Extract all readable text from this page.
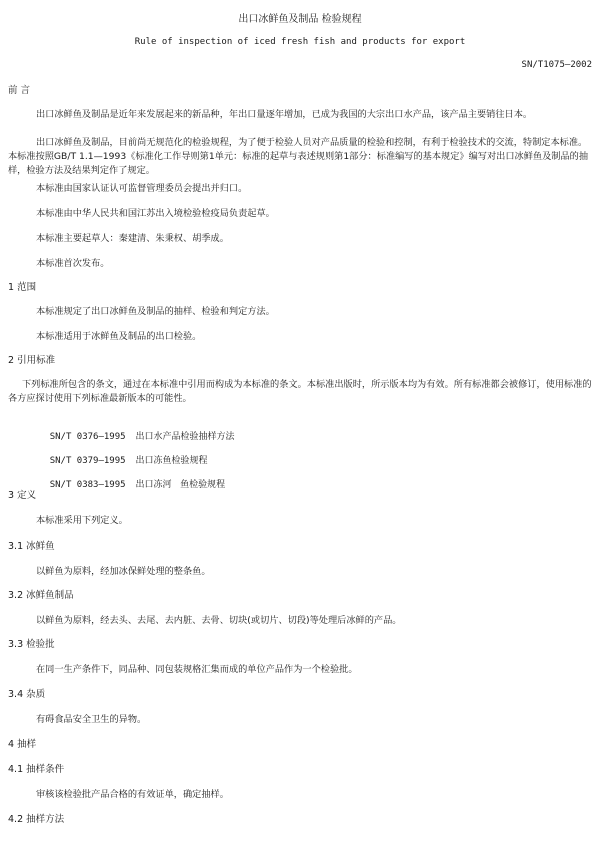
出口冰鲜鱼及制品 检验规程
Rule of inspection of iced fresh fish and products for export
SN/T1075—2002
前 言
出口冰鲜鱼及制品是近年来发展起来的新品种，年出口量逐年增加，已成为我国的大宗出口水产品，该产品主要销往日本。
出口冰鲜鱼及制品，目前尚无规范化的检验规程，为了便于检验人员对产品质量的检验和控制，有利于检验技术的交流，特制定本标准。本标准按照GB/T 1.1—1993《标准化工作导则第1单元：标准的起草与表述规则第1部分：标准编写的基本规定》编写对出口冰鲜鱼及制品的抽样，检验方法及结果判定作了规定。
本标准由国家认证认可监督管理委员会提出并归口。
本标准由中华人民共和国江苏出入境检验检疫局负责起草。
本标准主要起草人：秦建清、朱秉权、胡季成。
本标准首次发布。
1 范围
本标准规定了出口冰鲜鱼及制品的抽样、检验和判定方法。
本标准适用于冰鲜鱼及制品的出口检验。
2 引用标准
下列标准所包含的条文，通过在本标准中引用而构成为本标准的条文。本标准出版时，所示版本均为有效。所有标准都会被修订，使用标准的各方应探讨使用下列标准最新版本的可能性。

SN/T 0376—1995 出口水产品检验抽样方法

SN/T 0379—1995 出口冻鱼检验规程

SN/T 0383—1995 出口冻河   鱼检验规程

3 定义
本标准采用下列定义。
3.1 冰鲜鱼
以鲜鱼为原料，经加冰保鲜处理的整条鱼。
3.2 冰鲜鱼制品
以鲜鱼为原料，经去头、去尾、去内脏、去骨、切块(或切片、切段)等处理后冰鲜的产品。
3.3 检验批
在同一生产条件下，同品种、同包装规格汇集而成的单位产品作为一个检验批。
3.4 杂质
有碍食品安全卫生的异物。
4 抽样
4.1 抽样条件
审核该检验批产品合格的有效证单，确定抽样。
4.2 抽样方法
